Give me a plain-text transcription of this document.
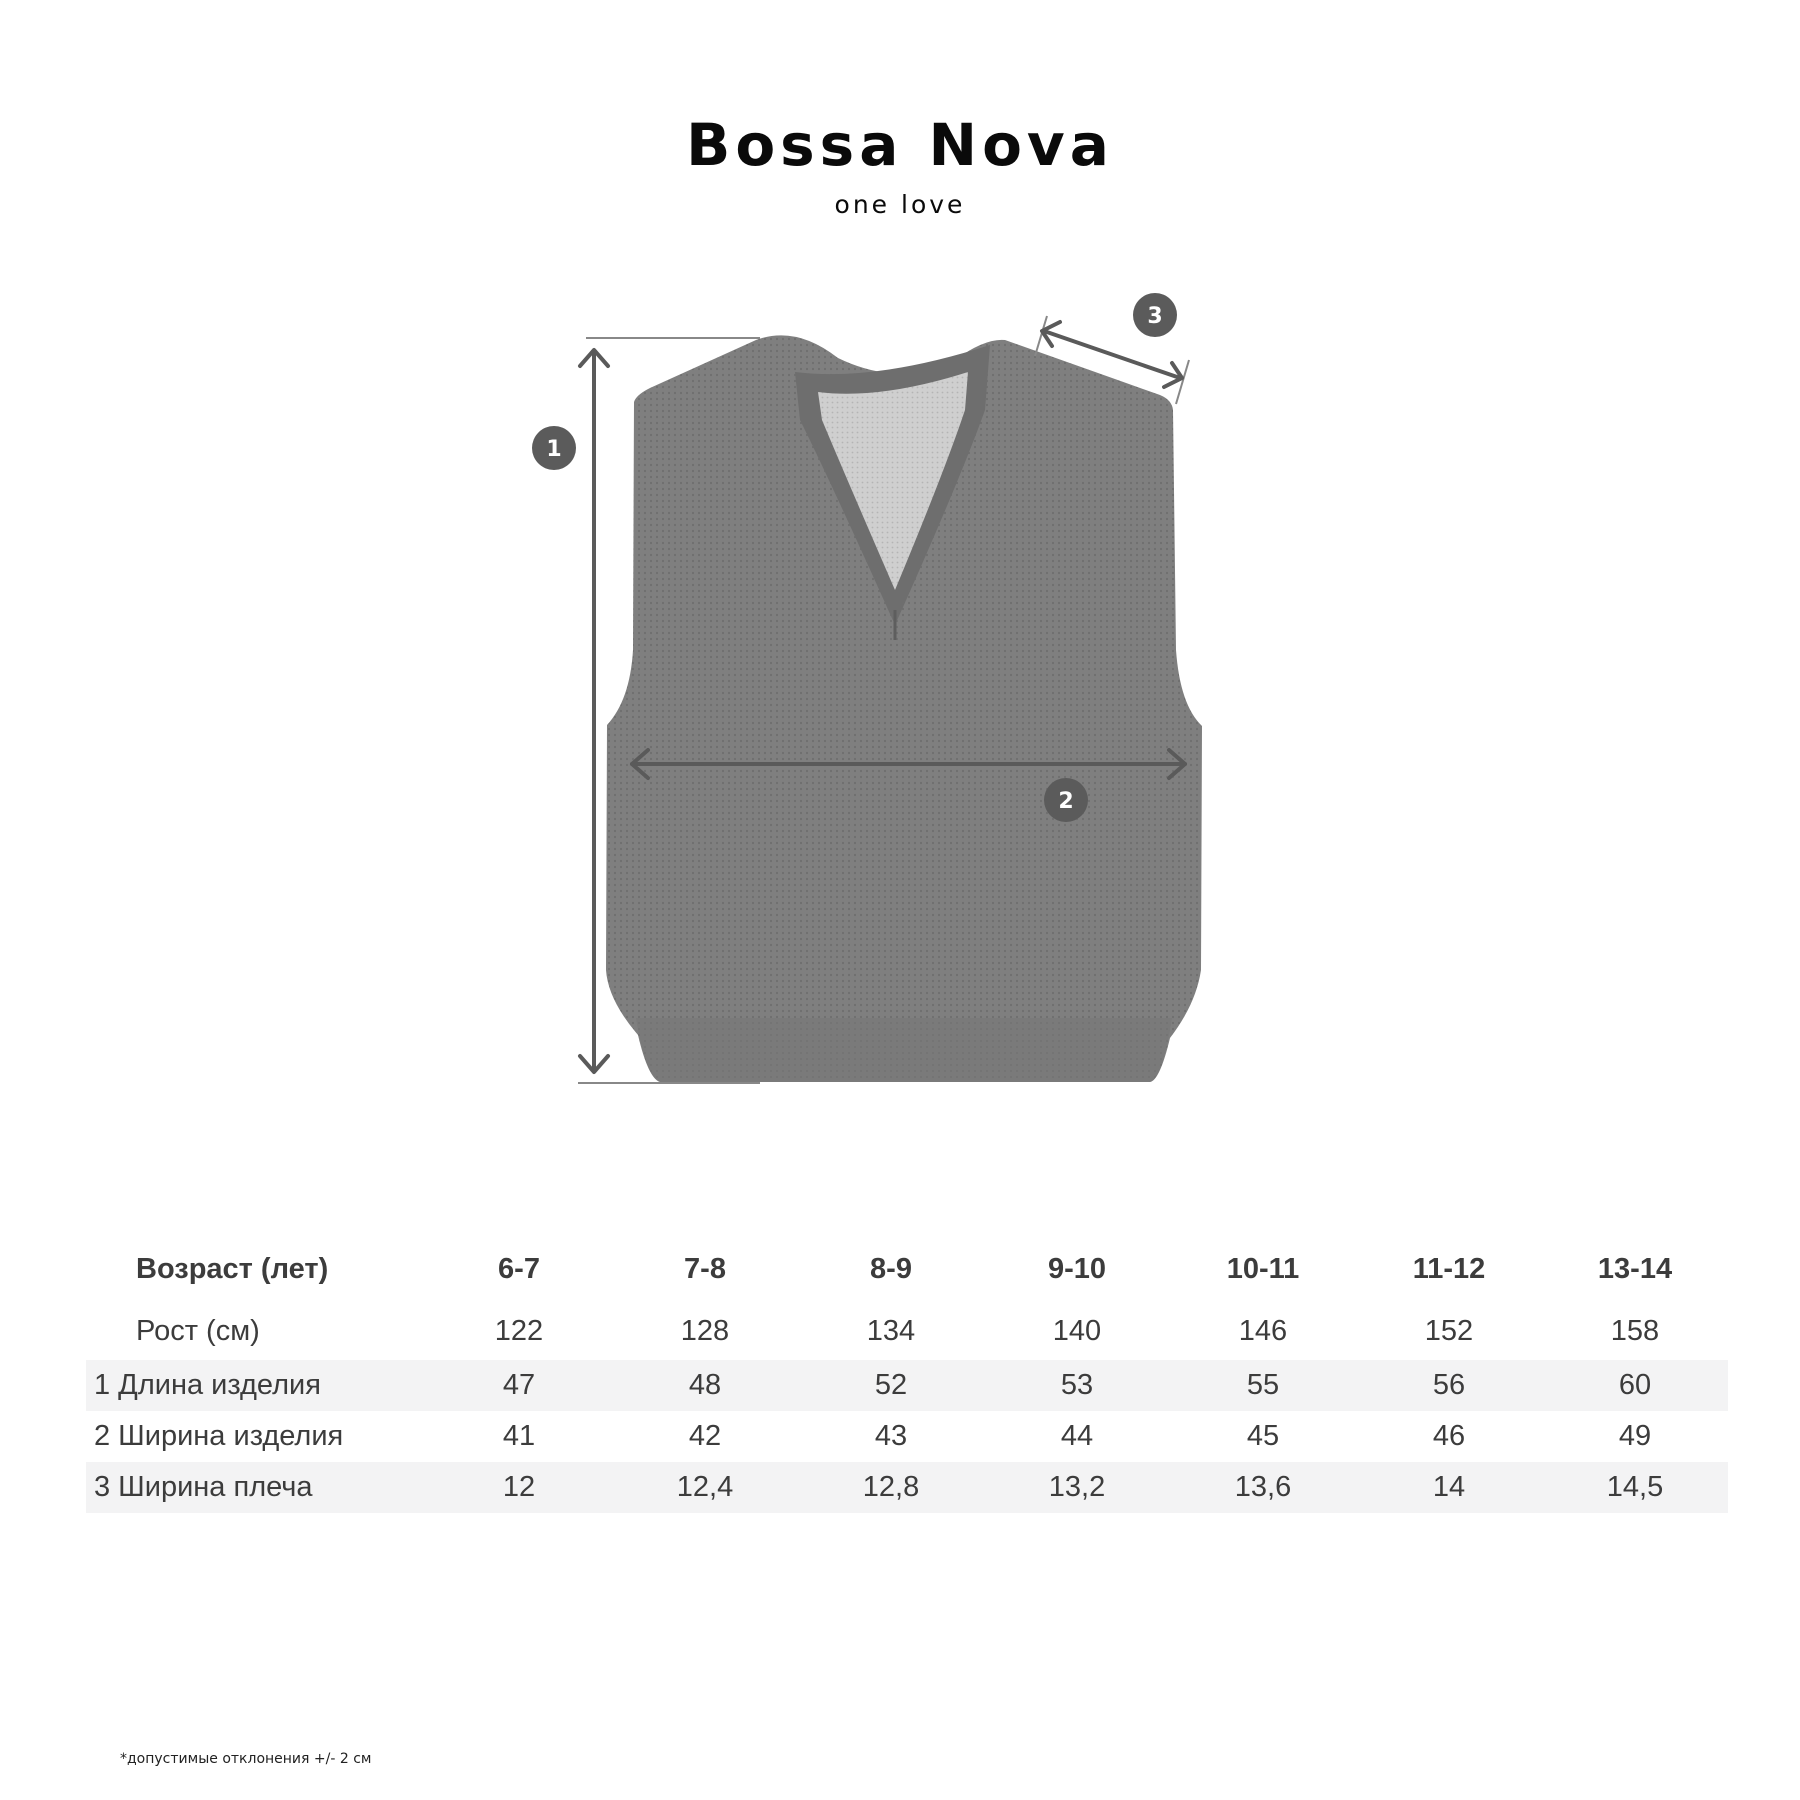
Bossa Nova
one love
1
2
3
Возраст (лет)	6-7	7-8	8-9	9-10	10-11	11-12	13-14
Рост (см)	122	128	134	140	146	152	158
1 Длина изделия	47	48	52	53	55	56	60
2 Ширина изделия	41	42	43	44	45	46	49
3 Ширина плеча	12	12,4	12,8	13,2	13,6	14	14,5
*допустимые отклонения +/- 2 см
